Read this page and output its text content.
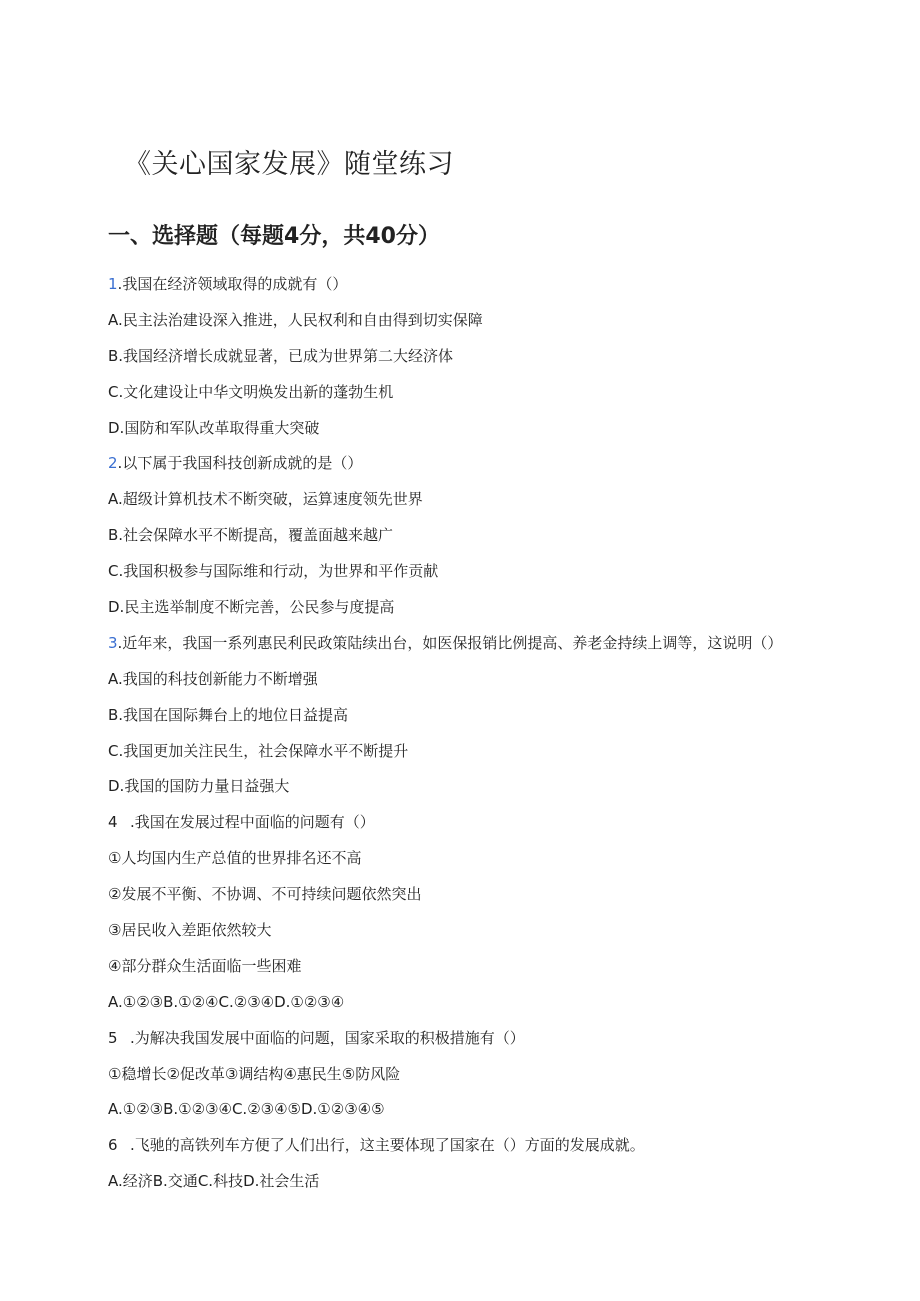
《关心国家发展》随堂练习
一、选择题（每题4分，共40分）
1.我国在经济领域取得的成就有（）
A.民主法治建设深入推进，人民权利和自由得到切实保障
B.我国经济增长成就显著，已成为世界第二大经济体
C.文化建设让中华文明焕发出新的蓬勃生机
D.国防和军队改革取得重大突破
2.以下属于我国科技创新成就的是（）
A.超级计算机技术不断突破，运算速度领先世界
B.社会保障水平不断提高，覆盖面越来越广
C.我国积极参与国际维和行动，为世界和平作贡献
D.民主选举制度不断完善，公民参与度提高
3.近年来，我国一系列惠民利民政策陆续出台，如医保报销比例提高、养老金持续上调等，这说明（）
A.我国的科技创新能力不断增强
B.我国在国际舞台上的地位日益提高
C.我国更加关注民生，社会保障水平不断提升
D.我国的国防力量日益强大
4 .我国在发展过程中面临的问题有（）
①人均国内生产总值的世界排名还不高
②发展不平衡、不协调、不可持续问题依然突出
③居民收入差距依然较大
④部分群众生活面临一些困难
A.①②③B.①②④C.②③④D.①②③④
5 .为解决我国发展中面临的问题，国家采取的积极措施有（）
①稳增长②促改革③调结构④惠民生⑤防风险
A.①②③B.①②③④C.②③④⑤D.①②③④⑤
6 .飞驰的高铁列车方便了人们出行，这主要体现了国家在（）方面的发展成就。
A.经济B.交通C.科技D.社会生活
